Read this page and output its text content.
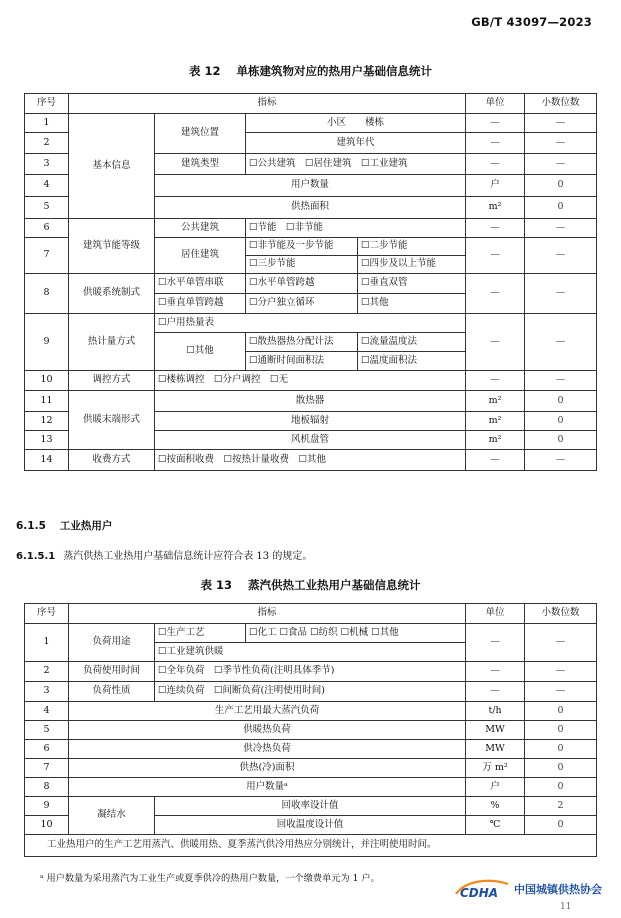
GB/T 43097—2023
表 12 单栋建筑物对应的热用户基础信息统计
序号	指标				单位	小数位数
1	基本信息	建筑位置	小区　　楼栋		—	—
2			建筑年代		—	—
3		建筑类型	☐公共建筑　☐居住建筑　☐工业建筑		—	—
4		用户数量			户	0
5		供热面积			m²	0
6	建筑节能等级	公共建筑	☐节能　☐非节能		—	—
7		居住建筑	☐非节能及一步节能	☐二步节能	—	—
			☐三步节能	☐四步及以上节能		
8	供暖系统制式	☐水平单管串联	☐水平单管跨越	☐垂直双管	—	—
		☐垂直单管跨越	☐分户独立循环	☐其他		
9	热计量方式	☐户用热量表			—	—
		☐其他	☐散热器热分配计法	☐流量温度法		
			☐通断时间面积法	☐温度面积法		
10	调控方式	☐楼栋调控　☐分户调控　☐无			—	—
11	供暖末端形式	散热器			m²	0
12		地板辐射			m²	0
13		风机盘管			m²	0
14	收费方式	☐按面积收费　☐按热计量收费　☐其他			—	—
6.1.5 工业热用户
6.1.5.1 蒸汽供热工业热用户基础信息统计应符合表 13 的规定。
表 13 蒸汽供热工业热用户基础信息统计
序号	指标			单位	小数位数
1	负荷用途	☐生产工艺	☐化工 ☐食品 ☐纺织 ☐机械 ☐其他	—	—
		☐工业建筑供暖			
2	负荷使用时间	☐全年负荷　☐季节性负荷(注明具体季节)		—	—
3	负荷性质	☐连续负荷　☐间断负荷(注明使用时间)		—	—
4	生产工艺用最大蒸汽负荷			t/h	0
5	供暖热负荷			MW	0
6	供冷热负荷			MW	0
7	供热(冷)面积			万 m²	0
8	用户数量ᵃ			户	0
9	凝结水	回收率设计值		%	2
10		回收温度设计值		℃	0
工业热用户的生产工艺用蒸汽、供暖用热、夏季蒸汽供冷用热应分别统计，并注明使用时间。					
ᵃ 用户数量为采用蒸汽为工业生产或夏季供冷的热用户数量，一个缴费单元为 1 户。
CDHA 中国城镇供热协会
11
